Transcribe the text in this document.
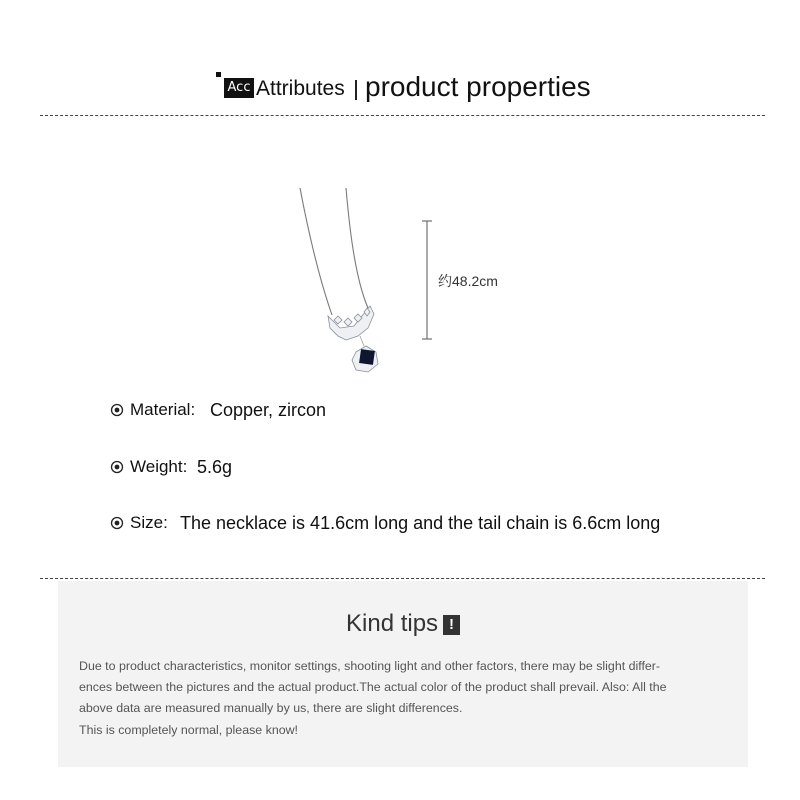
Acc Attributes product properties
约48.2cm
Material: Copper, zircon
Weight: 5.6g
Size: The necklace is 41.6cm long and the tail chain is 6.6cm long
Kind tips !
Due to product characteristics, monitor settings, shooting light and other factors, there may be slight differ-
ences between the pictures and the actual product.The actual color of the product shall prevail. Also: All the
above data are measured manually by us, there are slight differences.
This is completely normal, please know!
